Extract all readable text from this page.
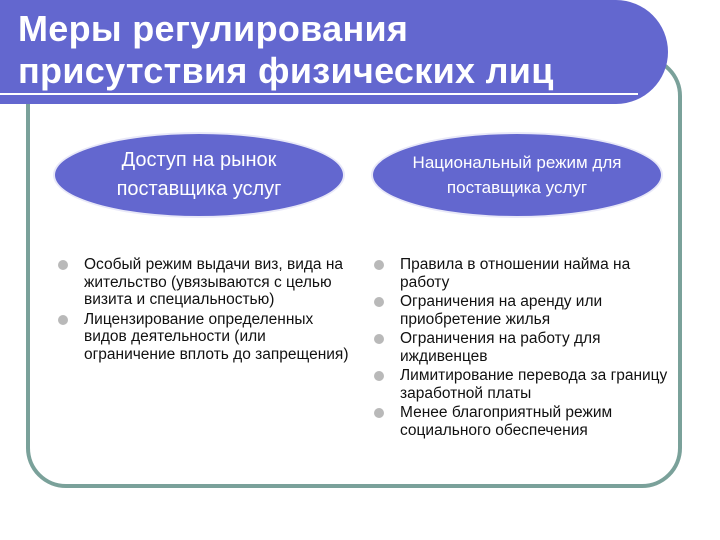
Меры регулирования присутствия физических лиц
Доступ на рынок поставщика услуг
Национальный режим для поставщика услуг
Особый режим выдачи виз, вида на жительство (увязываются с целью визита и специальностью)
Лицензирование определенных видов деятельности (или ограничение вплоть до запрещения)
Правила в отношении найма на работу
Ограничения на аренду или приобретение жилья
Ограничения на работу для иждивенцев
Лимитирование перевода за границу заработной платы
Менее благоприятный режим социального обеспечения
